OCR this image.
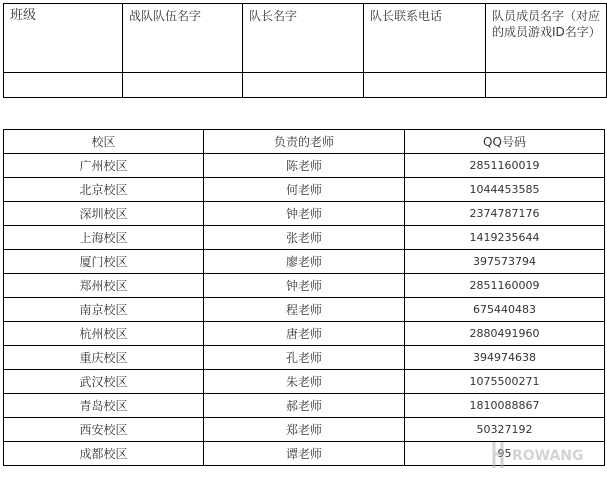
班级	战队队伍名字	队长名字	队长联系电话	队员成员名字（对应的成员游戏ID名字）

校区	负责的老师	QQ号码
广州校区	陈老师	2851160019
北京校区	何老师	1044453585
深圳校区	钟老师	2374787176
上海校区	张老师	1419235644
厦门校区	廖老师	397573794
郑州校区	钟老师	2851160009
南京校区	程老师	675440483
杭州校区	唐老师	2880491960
重庆校区	孔老师	394974638
武汉校区	朱老师	1075500271
青岛校区	郝老师	1810088867
西安校区	郑老师	50327192
成都校区	谭老师	95 ROWANG
